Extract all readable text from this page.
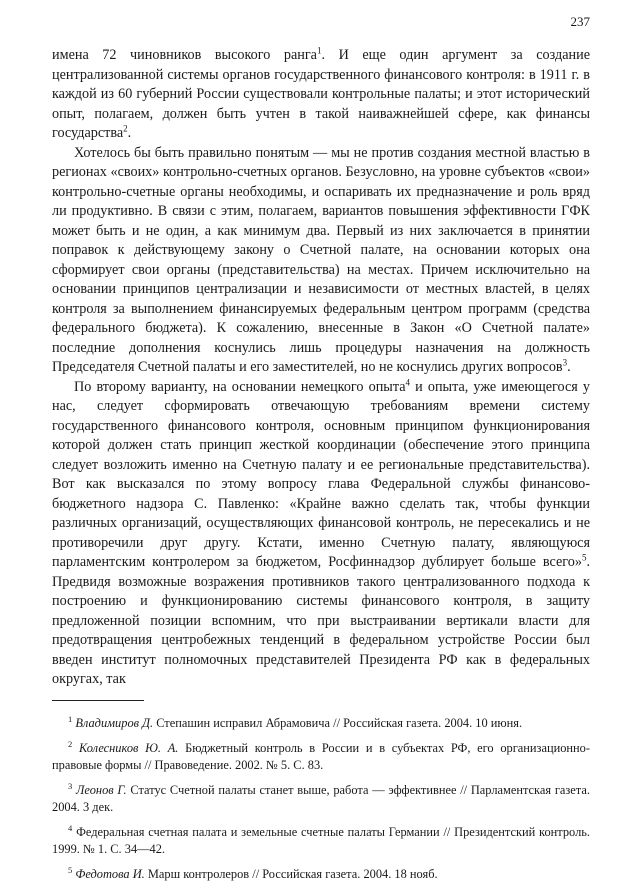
237

имена 72 чиновников высокого ранга$^1$. И еще один аргумент за создание централизованной системы органов государственного финансового контроля: в 1911 г. в каждой из 60 губерний России существовали контрольные палаты; и этот исторический опыт, полагаем, должен быть учтен в такой наиважнейшей сфере, как финансы государства$^2$.

Хотелось бы быть правильно понятым — мы не против создания местной властью в регионах «своих» контрольно-счетных органов. Безусловно, на уровне субъектов «свои» контрольно-счетные органы необходимы, и оспаривать их предназначение и роль вряд ли продуктивно. В связи с этим, полагаем, вариантов повышения эффективности ГФК может быть и не один, а как минимум два. Первый из них заключается в принятии поправок к действующему закону о Счетной палате, на основании которых она сформирует свои органы (представительства) на местах. Причем исключительно на основании принципов централизации и независимости от местных властей, в целях контроля за выполнением финансируемых федеральным центром программ (средства федерального бюджета). К сожалению, внесенные в Закон «О Счетной палате» последние дополнения коснулись лишь процедуры назначения на должность Председателя Счетной палаты и его заместителей, но не коснулись других вопросов$^3$.

По второму варианту, на основании немецкого опыта$^4$ и опыта, уже имеющегося у нас, следует сформировать отвечающую требованиям времени систему государственного финансового контроля, основным принципом функционирования которой должен стать принцип жесткой координации (обеспечение этого принципа следует возложить именно на Счетную палату и ее региональные представительства). Вот как высказался по этому вопросу глава Федеральной службы финансово-бюджетного надзора С. Павленко: «Крайне важно сделать так, чтобы функции различных организаций, осуществляющих финансовой контроль, не пересекались и не противоречили друг другу. Кстати, именно Счетную палату, являющуюся парламентским контролером за бюджетом, Росфиннадзор дублирует больше всего»$^5$. Предвидя возможные возражения противников такого централизованного подхода к построению и функционированию системы финансового контроля, в защиту предложенной позиции вспомним, что при выстраивании вертикали власти для предотвращения центробежных тенденций в федеральном устройстве России был введен институт полномочных представителей Президента РФ как в федеральных округах, так

$^1$ Владимиров Д. Степашин исправил Абрамовича // Российская газета. 2004. 10 июня.

$^2$ Колесников Ю. А. Бюджетный контроль в России и в субъектах РФ, его организационно-правовые формы // Правоведение. 2002. № 5. С. 83.

$^3$ Леонов Г. Статус Счетной палаты станет выше, работа — эффективнее // Парламентская газета. 2004. 3 дек.

$^4$ Федеральная счетная палата и земельные счетные палаты Германии // Президентский контроль. 1999. № 1. С. 34—42.

$^5$ Федотова И. Марш контролеров // Российская газета. 2004. 18 нояб.
